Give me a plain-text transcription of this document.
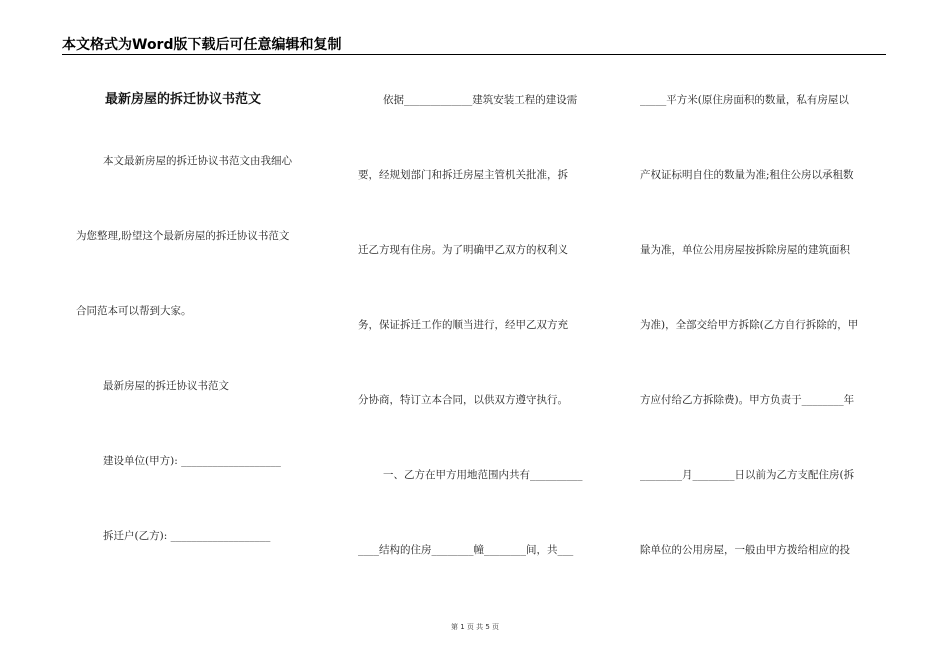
本文格式为Word版下载后可任意编辑和复制
最新房屋的拆迁协议书范文
本文最新房屋的拆迁协议书范文由我细心
为您整理,盼望这个最新房屋的拆迁协议书范文
合同范本可以帮到大家。
最新房屋的拆迁协议书范文
建设单位(甲方): ___________________
拆迁户(乙方): ___________________
依据_____________建筑安装工程的建设需
要，经规划部门和拆迁房屋主管机关批准，拆
迁乙方现有住房。为了明确甲乙双方的权利义
务，保证拆迁工作的顺当进行，经甲乙双方充
分协商，特订立本合同，以供双方遵守执行。
一、乙方在甲方用地范围内共有__________
____结构的住房________幢________间，共___
_____平方米(原住房面积的数量，私有房屋以
产权证标明自住的数量为准;租住公房以承租数
量为准，单位公用房屋按拆除房屋的建筑面积
为准)，全部交给甲方拆除(乙方自行拆除的，甲
方应付给乙方拆除费)。甲方负责于________年
________月________日以前为乙方支配住房(拆
除单位的公用房屋，一般由甲方拨给相应的投
第 1 页 共 5 页
